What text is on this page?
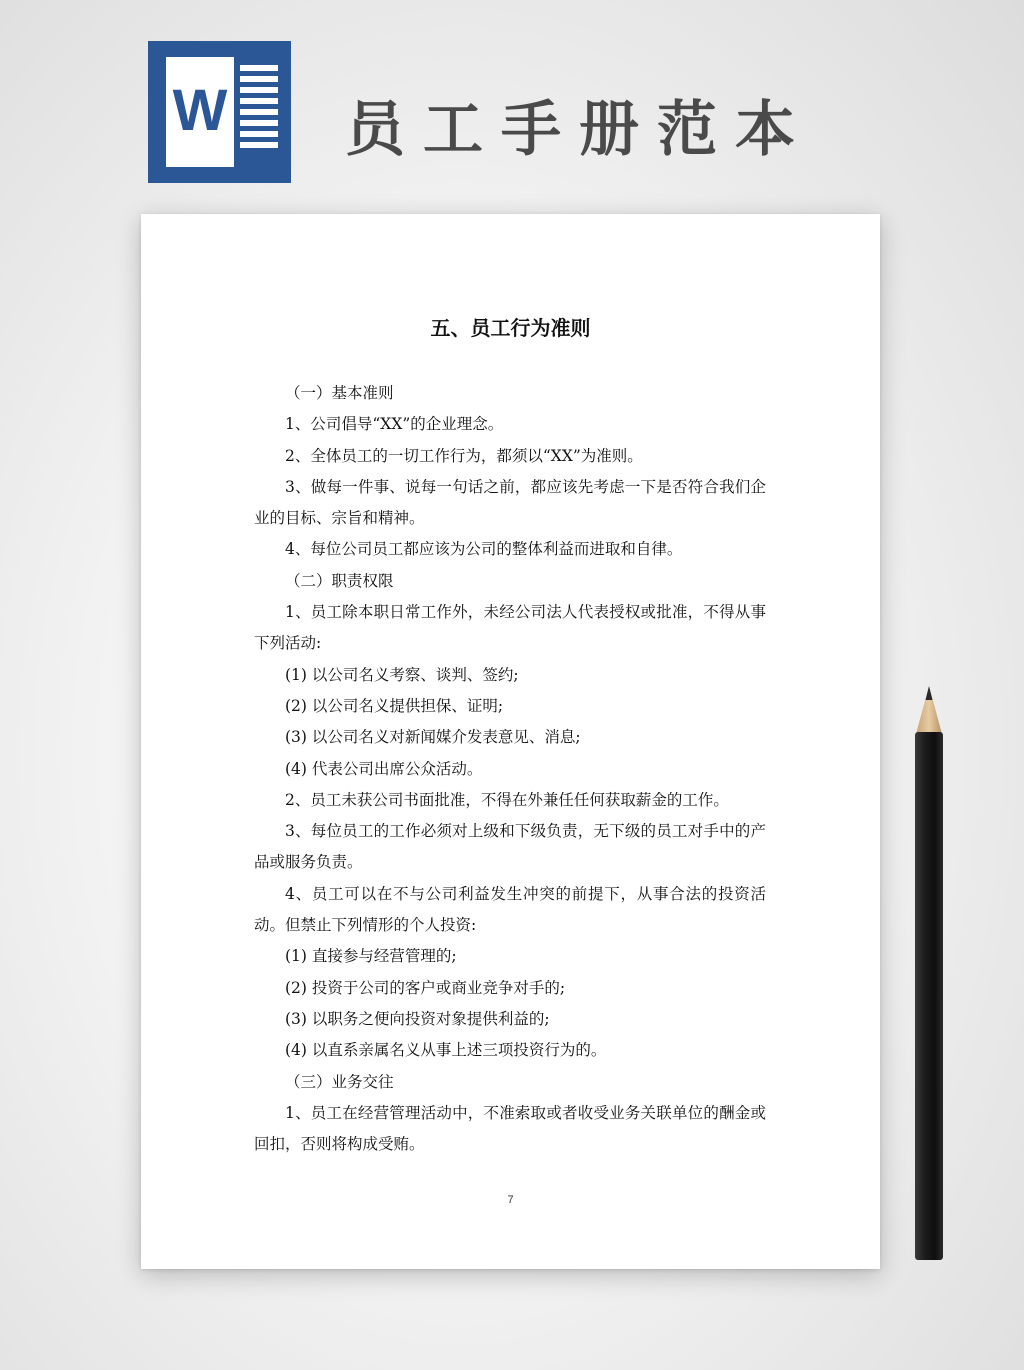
W 员工手册范本
五、员工行为准则

（一）基本准则

1、公司倡导“XX”的企业理念。

2、全体员工的一切工作行为，都须以“XX”为准则。

3、做每一件事、说每一句话之前，都应该先考虑一下是否符合我们企业的目标、宗旨和精神。

4、每位公司员工都应该为公司的整体利益而进取和自律。

（二）职责权限

1、员工除本职日常工作外，未经公司法人代表授权或批准，不得从事下列活动:

(1) 以公司名义考察、谈判、签约;

(2) 以公司名义提供担保、证明;

(3) 以公司名义对新闻媒介发表意见、消息;

(4) 代表公司出席公众活动。

2、员工未获公司书面批准，不得在外兼任任何获取薪金的工作。

3、每位员工的工作必须对上级和下级负责，无下级的员工对手中的产品或服务负责。

4、员工可以在不与公司利益发生冲突的前提下，从事合法的投资活动。但禁止下列情形的个人投资:

(1) 直接参与经营管理的;

(2) 投资于公司的客户或商业竞争对手的;

(3) 以职务之便向投资对象提供利益的;

(4) 以直系亲属名义从事上述三项投资行为的。

（三）业务交往

1、员工在经营管理活动中，不准索取或者收受业务关联单位的酬金或回扣，否则将构成受贿。

7
